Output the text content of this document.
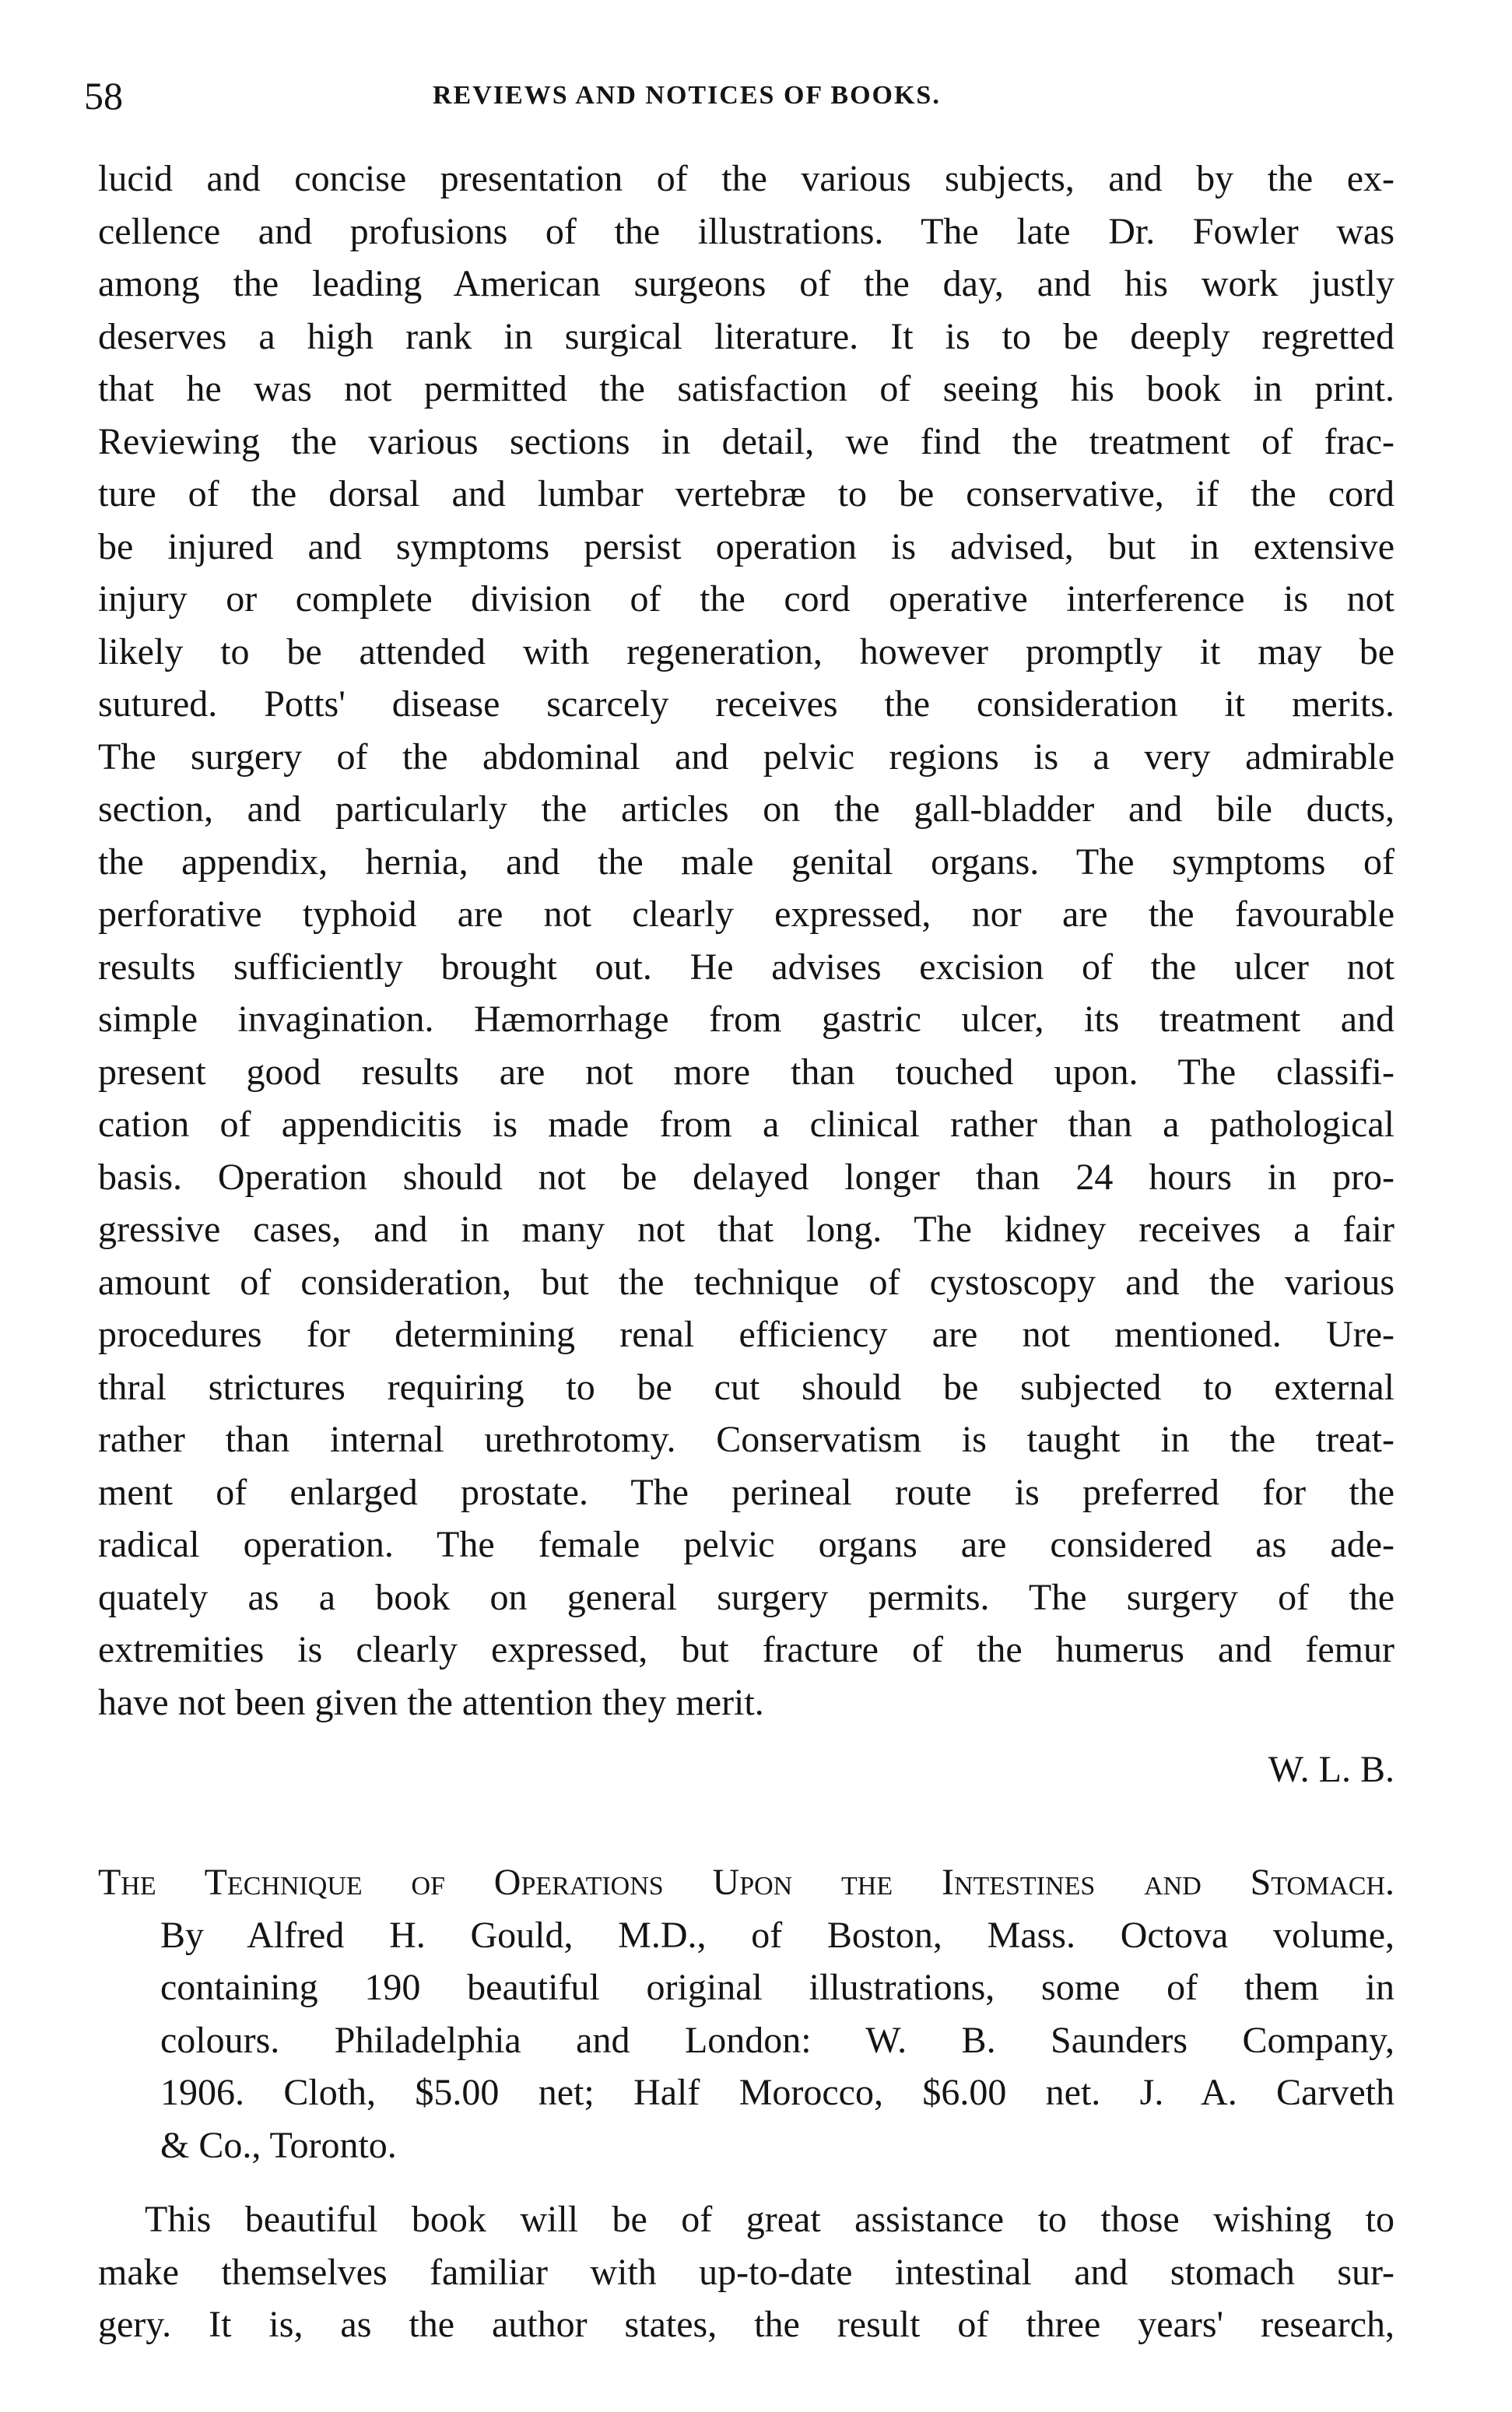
58	REVIEWS AND NOTICES OF BOOKS.
lucid and concise presentation of the various subjects, and by the ex-
cellence and profusions of the illustrations. The late Dr. Fowler was
among the leading American surgeons of the day, and his work justly
deserves a high rank in surgical literature. It is to be deeply regretted
that he was not permitted the satisfaction of seeing his book in print.
Reviewing the various sections in detail, we find the treatment of frac-
ture of the dorsal and lumbar vertebræ to be conservative, if the cord
be injured and symptoms persist operation is advised, but in extensive
injury or complete division of the cord operative interference is not
likely to be attended with regeneration, however promptly it may be
sutured. Potts' disease scarcely receives the consideration it merits.
The surgery of the abdominal and pelvic regions is a very admirable
section, and particularly the articles on the gall-bladder and bile ducts,
the appendix, hernia, and the male genital organs. The symptoms of
perforative typhoid are not clearly expressed, nor are the favourable
results sufficiently brought out. He advises excision of the ulcer not
simple invagination. Hæmorrhage from gastric ulcer, its treatment and
present good results are not more than touched upon. The classifi-
cation of appendicitis is made from a clinical rather than a pathological
basis. Operation should not be delayed longer than 24 hours in pro-
gressive cases, and in many not that long. The kidney receives a fair
amount of consideration, but the technique of cystoscopy and the various
procedures for determining renal efficiency are not mentioned. Ure-
thral strictures requiring to be cut should be subjected to external
rather than internal urethrotomy. Conservatism is taught in the treat-
ment of enlarged prostate. The perineal route is preferred for the
radical operation. The female pelvic organs are considered as ade-
quately as a book on general surgery permits. The surgery of the
extremities is clearly expressed, but fracture of the humerus and femur
have not been given the attention they merit.
W. L. B.
The Technique of Operations Upon the Intestines and Stomach.
By Alfred H. Gould, M.D., of Boston, Mass. Octova volume,
containing 190 beautiful original illustrations, some of them in
colours. Philadelphia and London: W. B. Saunders Company,
1906. Cloth, $5.00 net; Half Morocco, $6.00 net. J. A. Carveth
& Co., Toronto.
This beautiful book will be of great assistance to those wishing to
make themselves familiar with up-to-date intestinal and stomach sur-
gery. It is, as the author states, the result of three years' research,
